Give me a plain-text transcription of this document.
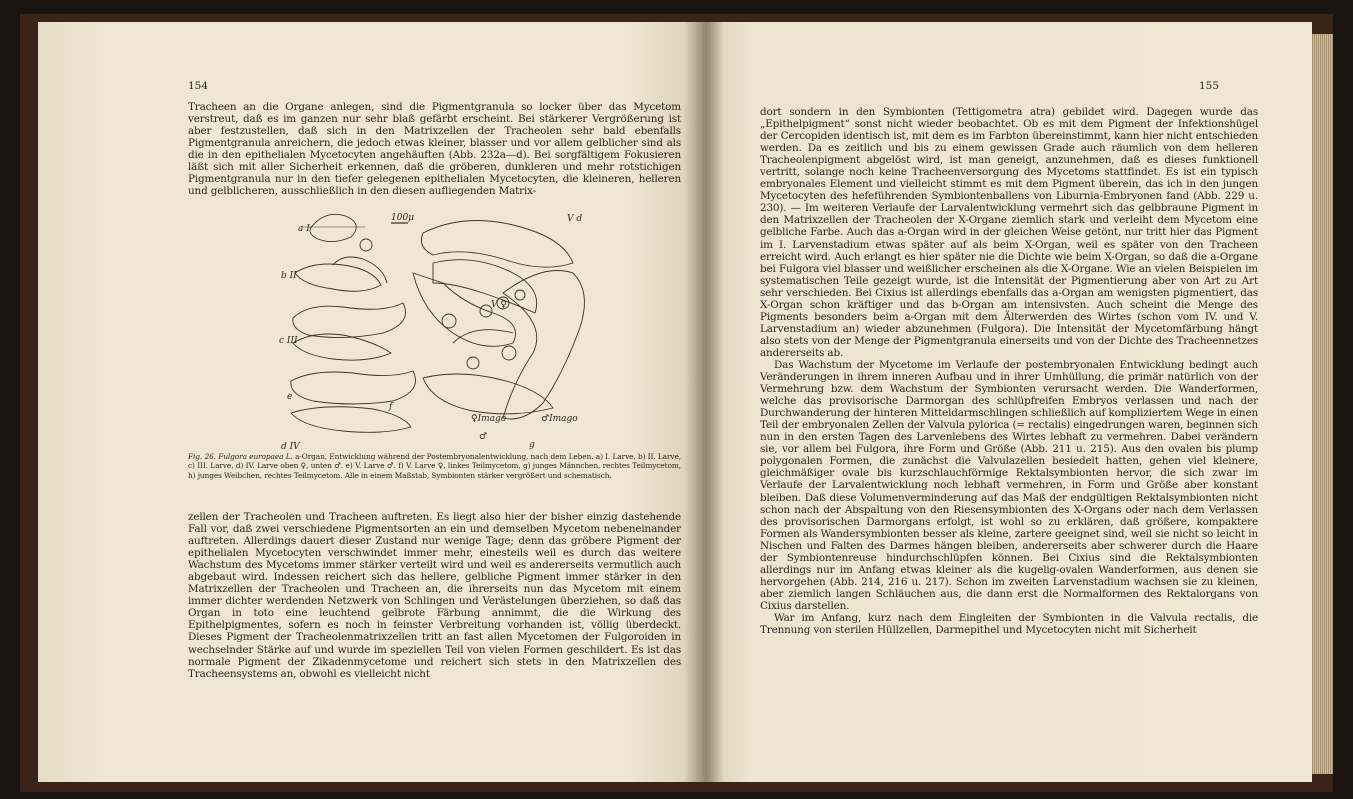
154

Tracheen an die Organe anlegen, sind die Pigmentgranula so locker über das Mycetom verstreut, daß es im ganzen nur sehr blaß gefärbt erscheint. Bei stärkerer Vergrößerung ist aber festzustellen, daß sich in den Matrixzellen der Tracheolen sehr bald ebenfalls Pigmentgranula anreichern, die jedoch etwas kleiner, blasser und vor allem gelblicher sind als die in den epithelialen Mycetocyten angehäuften (Abb. 232a—d). Bei sorgfältigem Fokusieren läßt sich mit aller Sicherheit erkennen, daß die gröberen, dunkleren und mehr rotstichigen Pigmentgranula nur in den tiefer gelegenen epithelialen Mycetocyten, die kleineren, helleren und gelblicheren, ausschließlich in den diesen aufliegenden Matrix-

a I
100μ	V d
b II
c III
V ♀
e
f
♀Imago	♂Imago
♂
d IV	g
Fig. 26. Fulgora europaea L. a-Organ, Entwicklung während der Postembryonalentwicklung, nach dem Leben. a) I. Larve, b) II. Larve, c) III. Larve, d) IV. Larve oben ♀, unten ♂. e) V. Larve ♂. f) V. Larve ♀, linkes Teilmycetom, g) junges Männchen, rechtes Teilmycetom, h) junges Weibchen, rechtes Teilmycetom. Alle in einem Maßstab, Symbionten stärker vergrößert und schematisch.

zellen der Tracheolen und Tracheen auftreten. Es liegt also hier der bisher einzig dastehende Fall vor, daß zwei verschiedene Pigmentsorten an ein und demselben Mycetom nebeneinander auftreten. Allerdings dauert dieser Zustand nur wenige Tage; denn das gröbere Pigment der epithelialen Mycetocyten verschwindet immer mehr, einesteils weil es durch das weitere Wachstum des Mycetoms immer stärker verteilt wird und weil es andererseits vermutlich auch abgebaut wird. Indessen reichert sich das hellere, gelbliche Pigment immer stärker in den Matrixzellen der Tracheolen und Tracheen an, die ihrerseits nun das Mycetom mit einem immer dichter werdenden Netzwerk von Schlingen und Verästelungen überziehen, so daß das Organ in toto eine leuchtend gelbrote Färbung annimmt, die die Wirkung des Epithelpigmentes, sofern es noch in feinster Verbreitung vorhanden ist, völlig überdeckt. Dieses Pigment der Tracheolenmatrixzellen tritt an fast allen Mycetomen der Fulgoroiden in wechselnder Stärke auf und wurde im speziellen Teil von vielen Formen geschildert. Es ist das normale Pigment der Zikadenmycetome und reichert sich stets in den Matrixzellen des Tracheensystems an, obwohl es vielleicht nicht

155

dort sondern in den Symbionten (Tettigometra atra) gebildet wird. Dagegen wurde das „Epithelpigment“ sonst nicht wieder beobachtet. Ob es mit dem Pigment der Infektionshügel der Cercopiden identisch ist, mit dem es im Farbton übereinstimmt, kann hier nicht entschieden werden. Da es zeitlich und bis zu einem gewissen Grade auch räumlich von dem helleren Tracheolenpigment abgelöst wird, ist man geneigt, anzunehmen, daß es dieses funktionell vertritt, solange noch keine Tracheenversorgung des Mycetoms stattfindet. Es ist ein typisch embryonales Element und vielleicht stimmt es mit dem Pigment überein, das ich in den jungen Mycetocyten des hefeführenden Symbiontenballens von Liburnia-Embryonen fand (Abb. 229 u. 230). — Im weiteren Verlaufe der Larvalentwicklung vermehrt sich das gelbbraune Pigment in den Matrixzellen der Tracheolen der X-Organe ziemlich stark und verleiht dem Mycetom eine gelbliche Farbe. Auch das a-Organ wird in der gleichen Weise getönt, nur tritt hier das Pigment im I. Larvenstadium etwas später auf als beim X-Organ, weil es später von den Tracheen erreicht wird. Auch erlangt es hier später nie die Dichte wie beim X-Organ, so daß die a-Organe bei Fulgora viel blasser und weißlicher erscheinen als die X-Organe. Wie an vielen Beispielen im systematischen Teile gezeigt wurde, ist die Intensität der Pigmentierung aber von Art zu Art sehr verschieden. Bei Cixius ist allerdings ebenfalls das a-Organ am wenigsten pigmentiert, das X-Organ schon kräftiger und das b-Organ am intensivsten. Auch scheint die Menge des Pigments besonders beim a-Organ mit dem Älterwerden des Wirtes (schon vom IV. und V. Larvenstadium an) wieder abzunehmen (Fulgora). Die Intensität der Mycetomfärbung hängt also stets von der Menge der Pigmentgranula einerseits und von der Dichte des Tracheennetzes andererseits ab.

Das Wachstum der Mycetome im Verlaufe der postembryonalen Entwicklung bedingt auch Veränderungen in ihrem inneren Aufbau und in ihrer Umhüllung, die primär natürlich von der Vermehrung bzw. dem Wachstum der Symbionten verursacht werden. Die Wanderformen, welche das provisorische Darmorgan des schlüpfreifen Embryos verlassen und nach der Durchwanderung der hinteren Mitteldarmschlingen schließlich auf kompliziertem Wege in einen Teil der embryonalen Zellen der Valvula pylorica (= rectalis) eingedrungen waren, beginnen sich nun in den ersten Tagen des Larvenlebens des Wirtes lebhaft zu vermehren. Dabei verändern sie, vor allem bei Fulgora, ihre Form und Größe (Abb. 211 u. 215). Aus den ovalen bis plump polygonalen Formen, die zunächst die Valvulazellen besiedelt hatten, gehen viel kleinere, gleichmäßiger ovale bis kurzschlauchförmige Rektalsymbionten hervor, die sich zwar im Verlaufe der Larvalentwicklung noch lebhaft vermehren, in Form und Größe aber konstant bleiben. Daß diese Volumenverminderung auf das Maß der endgültigen Rektalsymbionten nicht schon nach der Abspaltung von den Riesensymbionten des X-Organs oder nach dem Verlassen des provisorischen Darmorgans erfolgt, ist wohl so zu erklären, daß größere, kompaktere Formen als Wandersymbionten besser als kleine, zartere geeignet sind, weil sie nicht so leicht in Nischen und Falten des Darmes hängen bleiben, andererseits aber schwerer durch die Haare der Symbiontenreuse hindurchschlüpfen können. Bei Cixius sind die Rektalsymbionten allerdings nur im Anfang etwas kleiner als die kugelig-ovalen Wanderformen, aus denen sie hervorgehen (Abb. 214, 216 u. 217). Schon im zweiten Larvenstadium wachsen sie zu kleinen, aber ziemlich langen Schläuchen aus, die dann erst die Normalformen des Rektalorgans von Cixius darstellen.

War im Anfang, kurz nach dem Eingleiten der Symbionten in die Valvula rectalis, die Trennung von sterilen Hüllzellen, Darmepithel und Mycetocyten nicht mit Sicherheit
